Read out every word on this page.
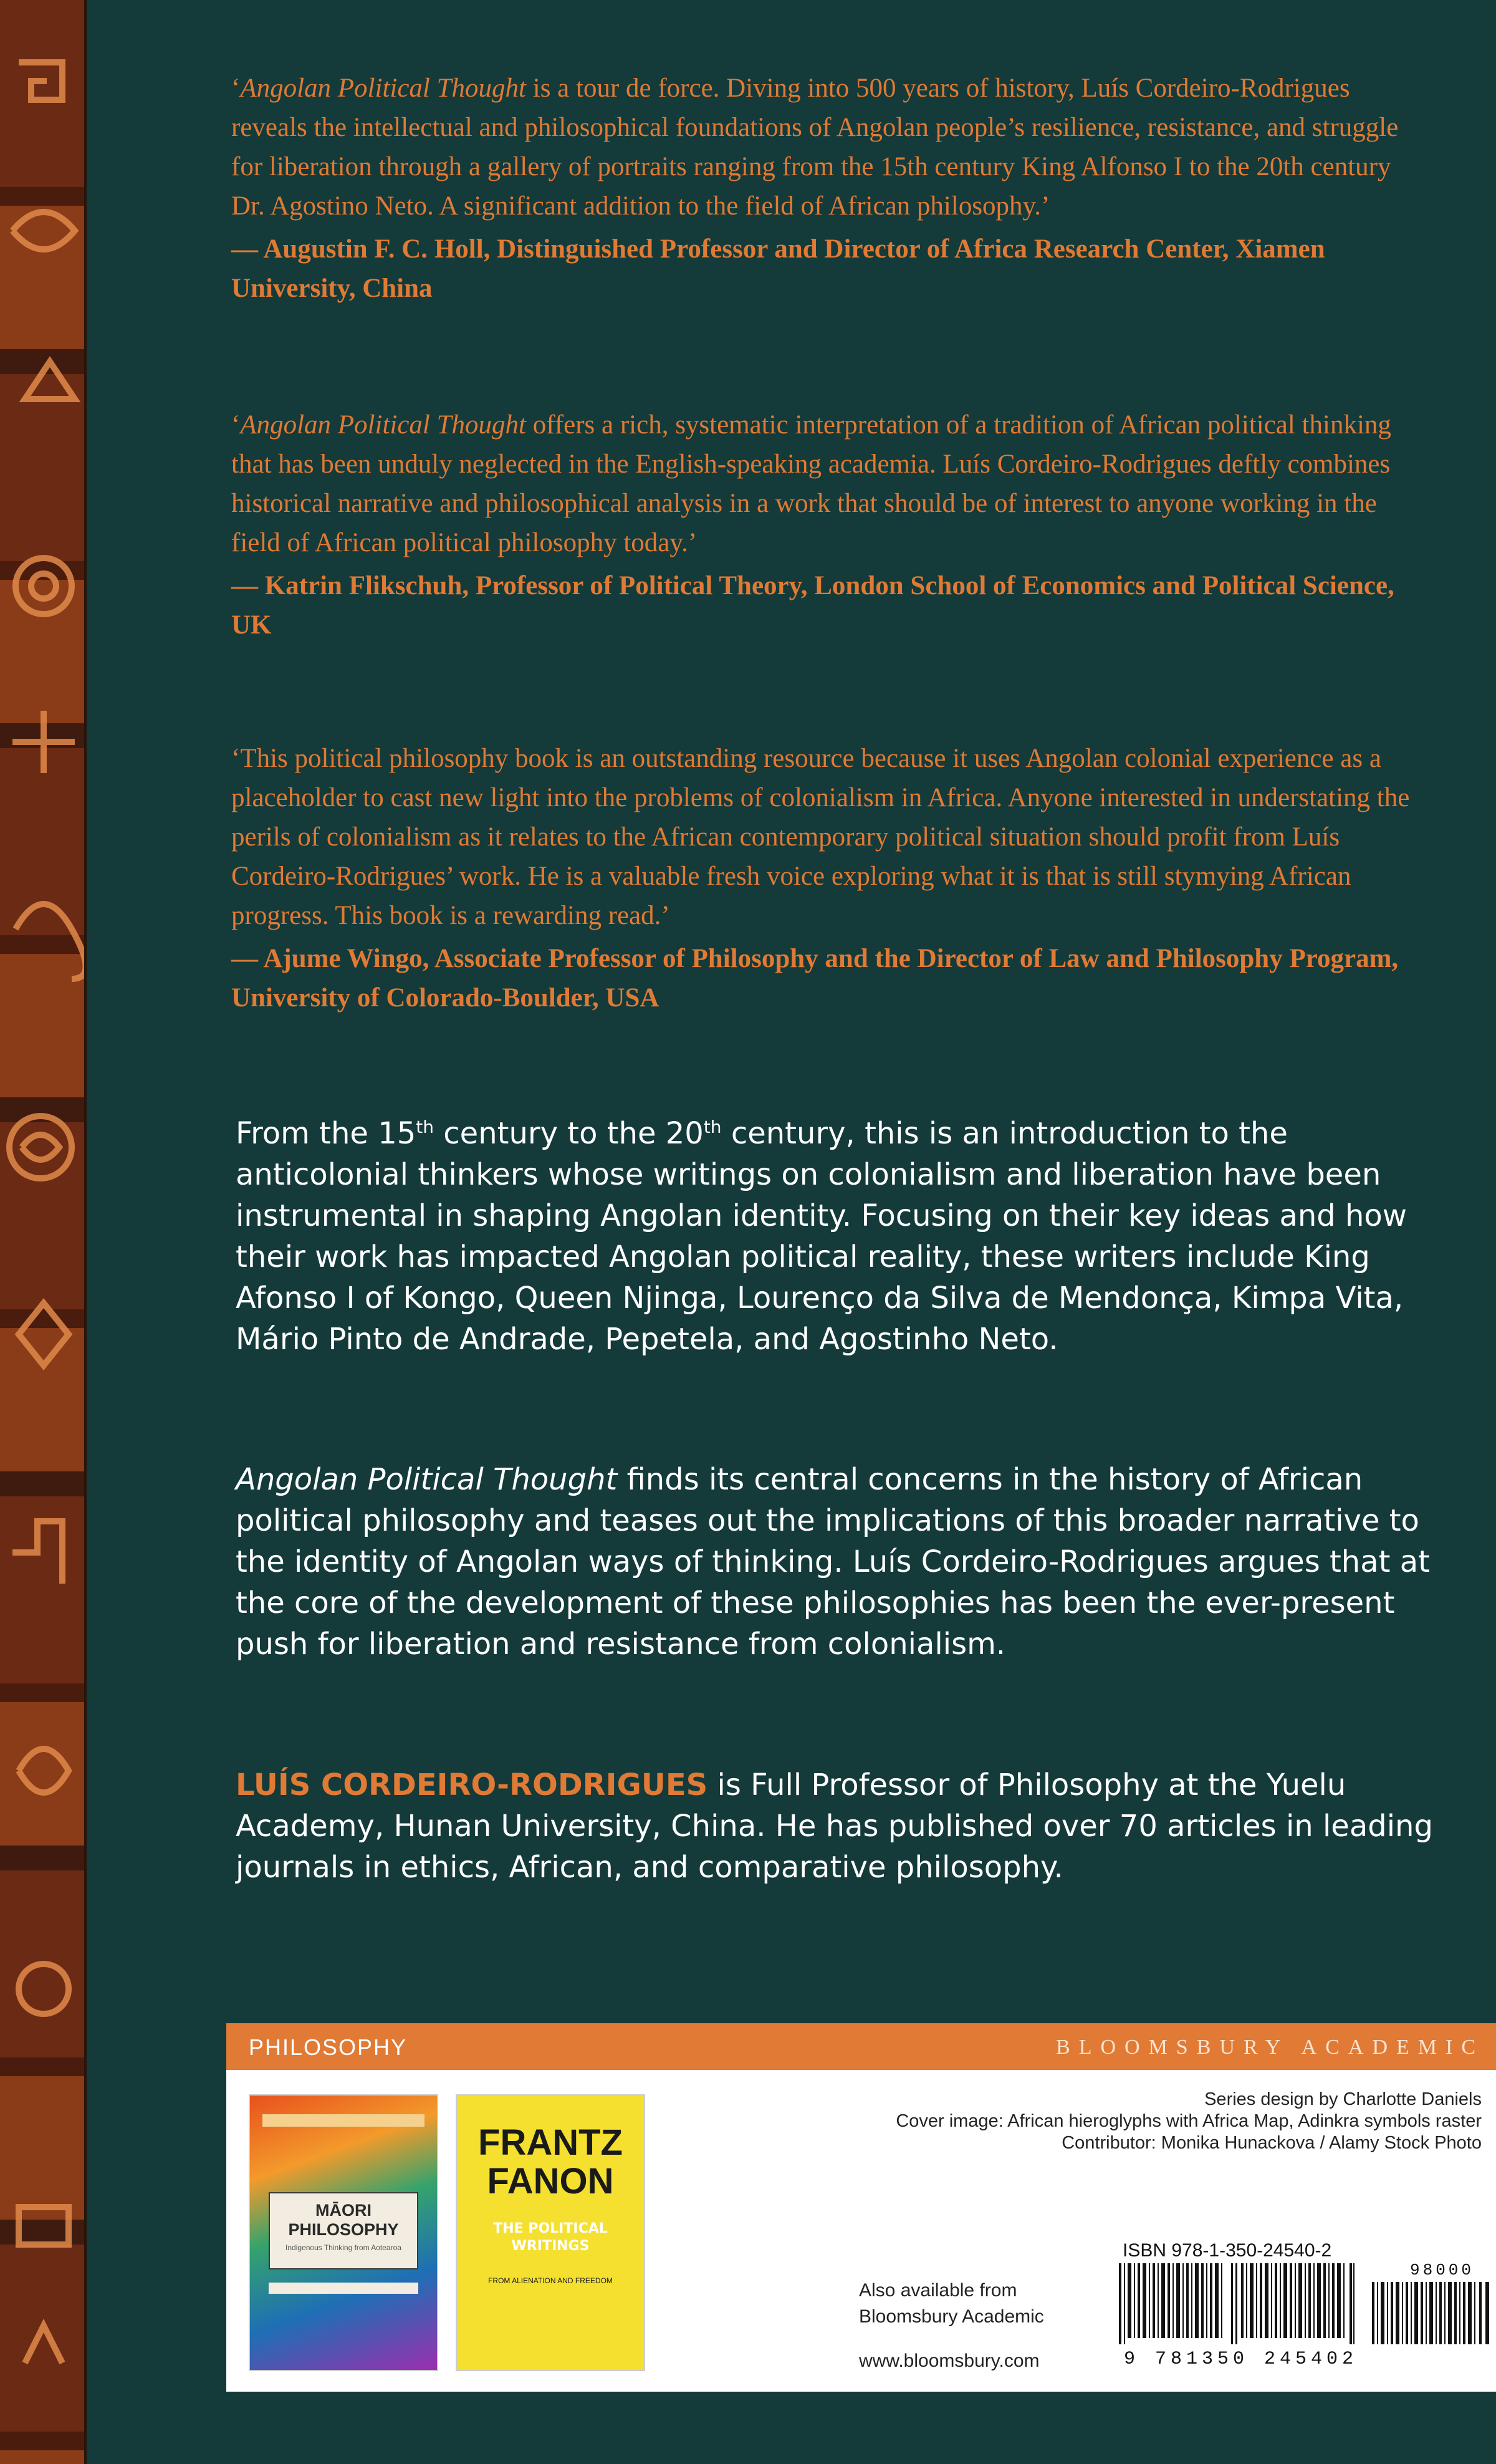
‘Angolan Political Thought is a tour de force. Diving into 500 years of history, Luís Cordeiro-Rodrigues reveals the intellectual and philosophical foundations of Angolan people’s resilience, resistance, and struggle for liberation through a gallery of portraits ranging from the 15th century King Alfonso I to the 20th century Dr. Agostino Neto. A significant addition to the field of African philosophy.’

— Augustin F. C. Holl, Distinguished Professor and Director of Africa Research Center, Xiamen University, China

‘Angolan Political Thought offers a rich, systematic interpretation of a tradition of African political thinking that has been unduly neglected in the English-speaking academia. Luís Cordeiro-Rodrigues deftly combines historical narrative and philosophical analysis in a work that should be of interest to anyone working in the field of African political philosophy today.’

— Katrin Flikschuh, Professor of Political Theory, London School of Economics and Political Science, UK

‘This political philosophy book is an outstanding resource because it uses Angolan colonial experience as a placeholder to cast new light into the problems of colonialism in Africa. Anyone interested in understating the perils of colonialism as it relates to the African contemporary political situation should profit from Luís Cordeiro-Rodrigues’ work. He is a valuable fresh voice exploring what it is that is still stymying African progress. This book is a rewarding read.’

— Ajume Wingo, Associate Professor of Philosophy and the Director of Law and Philosophy Program, University of Colorado-Boulder, USA

From the 15th century to the 20th century, this is an introduction to the anticolonial thinkers whose writings on colonialism and liberation have been instrumental in shaping Angolan identity. Focusing on their key ideas and how their work has impacted Angolan political reality, these writers include King Afonso I of Kongo, Queen Njinga, Lourenço da Silva de Mendonça, Kimpa Vita, Mário Pinto de Andrade, Pepetela, and Agostinho Neto.

Angolan Political Thought finds its central concerns in the history of African political philosophy and teases out the implications of this broader narrative to the identity of Angolan ways of thinking. Luís Cordeiro-Rodrigues argues that at the core of the development of these philosophies has been the ever-present push for liberation and resistance from colonialism.

LUÍS CORDEIRO-RODRIGUES is Full Professor of Philosophy at the Yuelu Academy, Hunan University, China. He has published over 70 articles in leading journals in ethics, African, and comparative philosophy.

PHILOSOPHY	BLOOMSBURY ACADEMIC
MĀORI PHILOSOPHY
Indigenous Thinking from Aotearoa
FRANTZ FANON
THE POLITICAL WRITINGS
FROM ALIENATION AND FREEDOM

Series design by Charlotte Daniels

Cover image: African hieroglyphs with Africa Map, Adinkra symbols raster

Contributor: Monika Hunackova / Alamy Stock Photo

Also available from
Bloomsbury Academic
www.bloomsbury.com
ISBN 978-1-350-24540-2
98000
9 781350 245402
